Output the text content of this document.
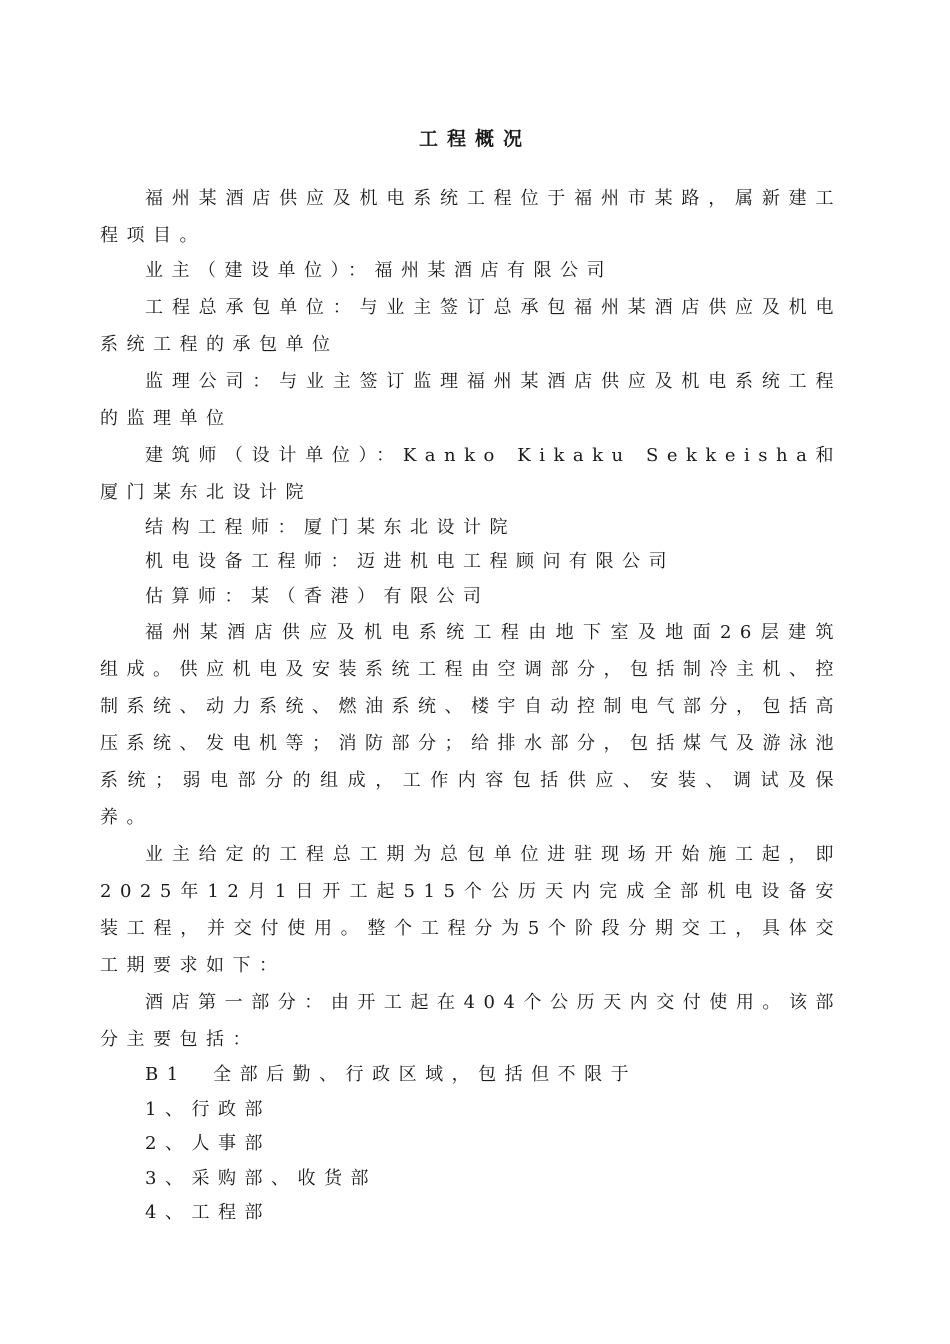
工程概况

福州某酒店供应及机电系统工程位于福州市某路，属新建工程项目。

业主（建设单位）：福州某酒店有限公司

工程总承包单位：与业主签订总承包福州某酒店供应及机电系统工程的承包单位

监理公司：与业主签订监理福州某酒店供应及机电系统工程的监理单位

建筑师（设计单位）：Kanko Kikaku Sekkeisha和厦门某东北设计院

结构工程师：厦门某东北设计院

机电设备工程师：迈进机电工程顾问有限公司

估算师：某（香港）有限公司

福州某酒店供应及机电系统工程由地下室及地面26层建筑组成。供应机电及安装系统工程由空调部分，包括制冷主机、控制系统、动力系统、燃油系统、楼宇自动控制电气部分，包括高压系统、发电机等；消防部分；给排水部分，包括煤气及游泳池系统；弱电部分的组成，工作内容包括供应、安装、调试及保养。

业主给定的工程总工期为总包单位进驻现场开始施工起，即2025年12月1日开工起515个公历天内完成全部机电设备安装工程，并交付使用。整个工程分为5个阶段分期交工，具体交工期要求如下：

酒店第一部分：由开工起在404个公历天内交付使用。该部分主要包括：

B1　全部后勤、行政区域，包括但不限于

1、行政部

2、人事部

3、采购部、收货部

4、工程部
